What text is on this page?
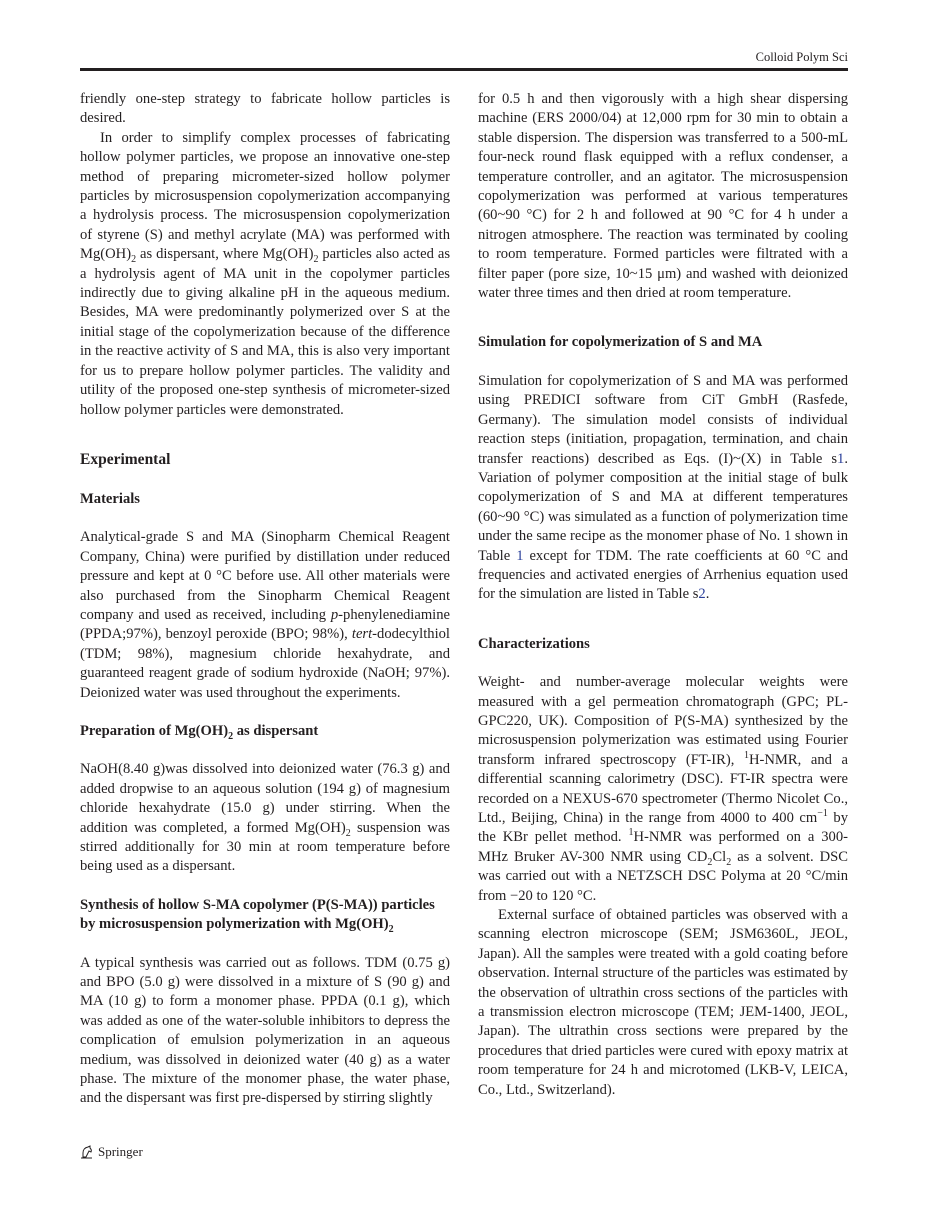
Colloid Polym Sci

friendly one-step strategy to fabricate hollow particles is desired.

In order to simplify complex processes of fabricating hollow polymer particles, we propose an innovative one-step method of preparing micrometer-sized hollow polymer particles by microsuspension copolymerization accompanying a hydrolysis process. The microsuspension copolymerization of styrene (S) and methyl acrylate (MA) was performed with $Mg(OH)_2$ as dispersant, where $Mg(OH)_2$ particles also acted as a hydrolysis agent of MA unit in the copolymer particles indirectly due to giving alkaline pH in the aqueous medium. Besides, MA were predominantly polymerized over S at the initial stage of the copolymerization because of the difference in the reactive activity of S and MA, this is also very important for us to prepare hollow polymer particles. The validity and utility of the proposed one-step synthesis of micrometer-sized hollow polymer particles were demonstrated.

Experimental
Materials

Analytical-grade S and MA (Sinopharm Chemical Reagent Company, China) were purified by distillation under reduced pressure and kept at 0 °C before use. All other materials were also purchased from the Sinopharm Chemical Reagent company and used as received, including p-phenylenediamine (PPDA;97%), benzoyl peroxide (BPO; 98%), tert-dodecylthiol (TDM; 98%), magnesium chloride hexahydrate, and guaranteed reagent grade of sodium hydroxide (NaOH; 97%). Deionized water was used throughout the experiments.

Preparation of $Mg(OH)_2$ as dispersant

NaOH(8.40 g)was dissolved into deionized water (76.3 g) and added dropwise to an aqueous solution (194 g) of magnesium chloride hexahydrate (15.0 g) under stirring. When the addition was completed, a formed $Mg(OH)_2$ suspension was stirred additionally for 30 min at room temperature before being used as a dispersant.

Synthesis of hollow S-MA copolymer (P(S-MA)) particles by microsuspension polymerization with $Mg(OH)_2$

A typical synthesis was carried out as follows. TDM (0.75 g) and BPO (5.0 g) were dissolved in a mixture of S (90 g) and MA (10 g) to form a monomer phase. PPDA (0.1 g), which was added as one of the water-soluble inhibitors to depress the complication of emulsion polymerization in an aqueous medium, was dissolved in deionized water (40 g) as a water phase. The mixture of the monomer phase, the water phase, and the dispersant was first pre-dispersed by stirring slightly

for 0.5 h and then vigorously with a high shear dispersing machine (ERS 2000/04) at 12,000 rpm for 30 min to obtain a stable dispersion. The dispersion was transferred to a 500-mL four-neck round flask equipped with a reflux condenser, a temperature controller, and an agitator. The microsuspension copolymerization was performed at various temperatures (60~90 °C) for 2 h and followed at 90 °C for 4 h under a nitrogen atmosphere. The reaction was terminated by cooling to room temperature. Formed particles were filtrated with a filter paper (pore size, 10~15 μm) and washed with deionized water three times and then dried at room temperature.

Simulation for copolymerization of S and MA

Simulation for copolymerization of S and MA was performed using PREDICI software from CiT GmbH (Rasfede, Germany). The simulation model consists of individual reaction steps (initiation, propagation, termination, and chain transfer reactions) described as Eqs. (I)~(X) in Table s1. Variation of polymer composition at the initial stage of bulk copolymerization of S and MA at different temperatures (60~90 °C) was simulated as a function of polymerization time under the same recipe as the monomer phase of No. 1 shown in Table 1 except for TDM. The rate coefficients at 60 °C and frequencies and activated energies of Arrhenius equation used for the simulation are listed in Table s2.

Characterizations

Weight- and number-average molecular weights were measured with a gel permeation chromatograph (GPC; PL-GPC220, UK). Composition of P(S-MA) synthesized by the microsuspension polymerization was estimated using Fourier transform infrared spectroscopy (FT-IR), $^1$H-NMR, and a differential scanning calorimetry (DSC). FT-IR spectra were recorded on a NEXUS-670 spectrometer (Thermo Nicolet Co., Ltd., Beijing, China) in the range from 4000 to 400 $cm^{-1}$ by the KBr pellet method. $^1$H-NMR was performed on a 300-MHz Bruker AV-300 NMR using $CD_2Cl_2$ as a solvent. DSC was carried out with a NETZSCH DSC Polyma at 20 °C/min from −20 to 120 °C.

External surface of obtained particles was observed with a scanning electron microscope (SEM; JSM6360L, JEOL, Japan). All the samples were treated with a gold coating before observation. Internal structure of the particles was estimated by the observation of ultrathin cross sections of the particles with a transmission electron microscope (TEM; JEM-1400, JEOL, Japan). The ultrathin cross sections were prepared by the procedures that dried particles were cured with epoxy matrix at room temperature for 24 h and microtomed (LKB-V, LEICA, Co., Ltd., Switzerland).

Springer
